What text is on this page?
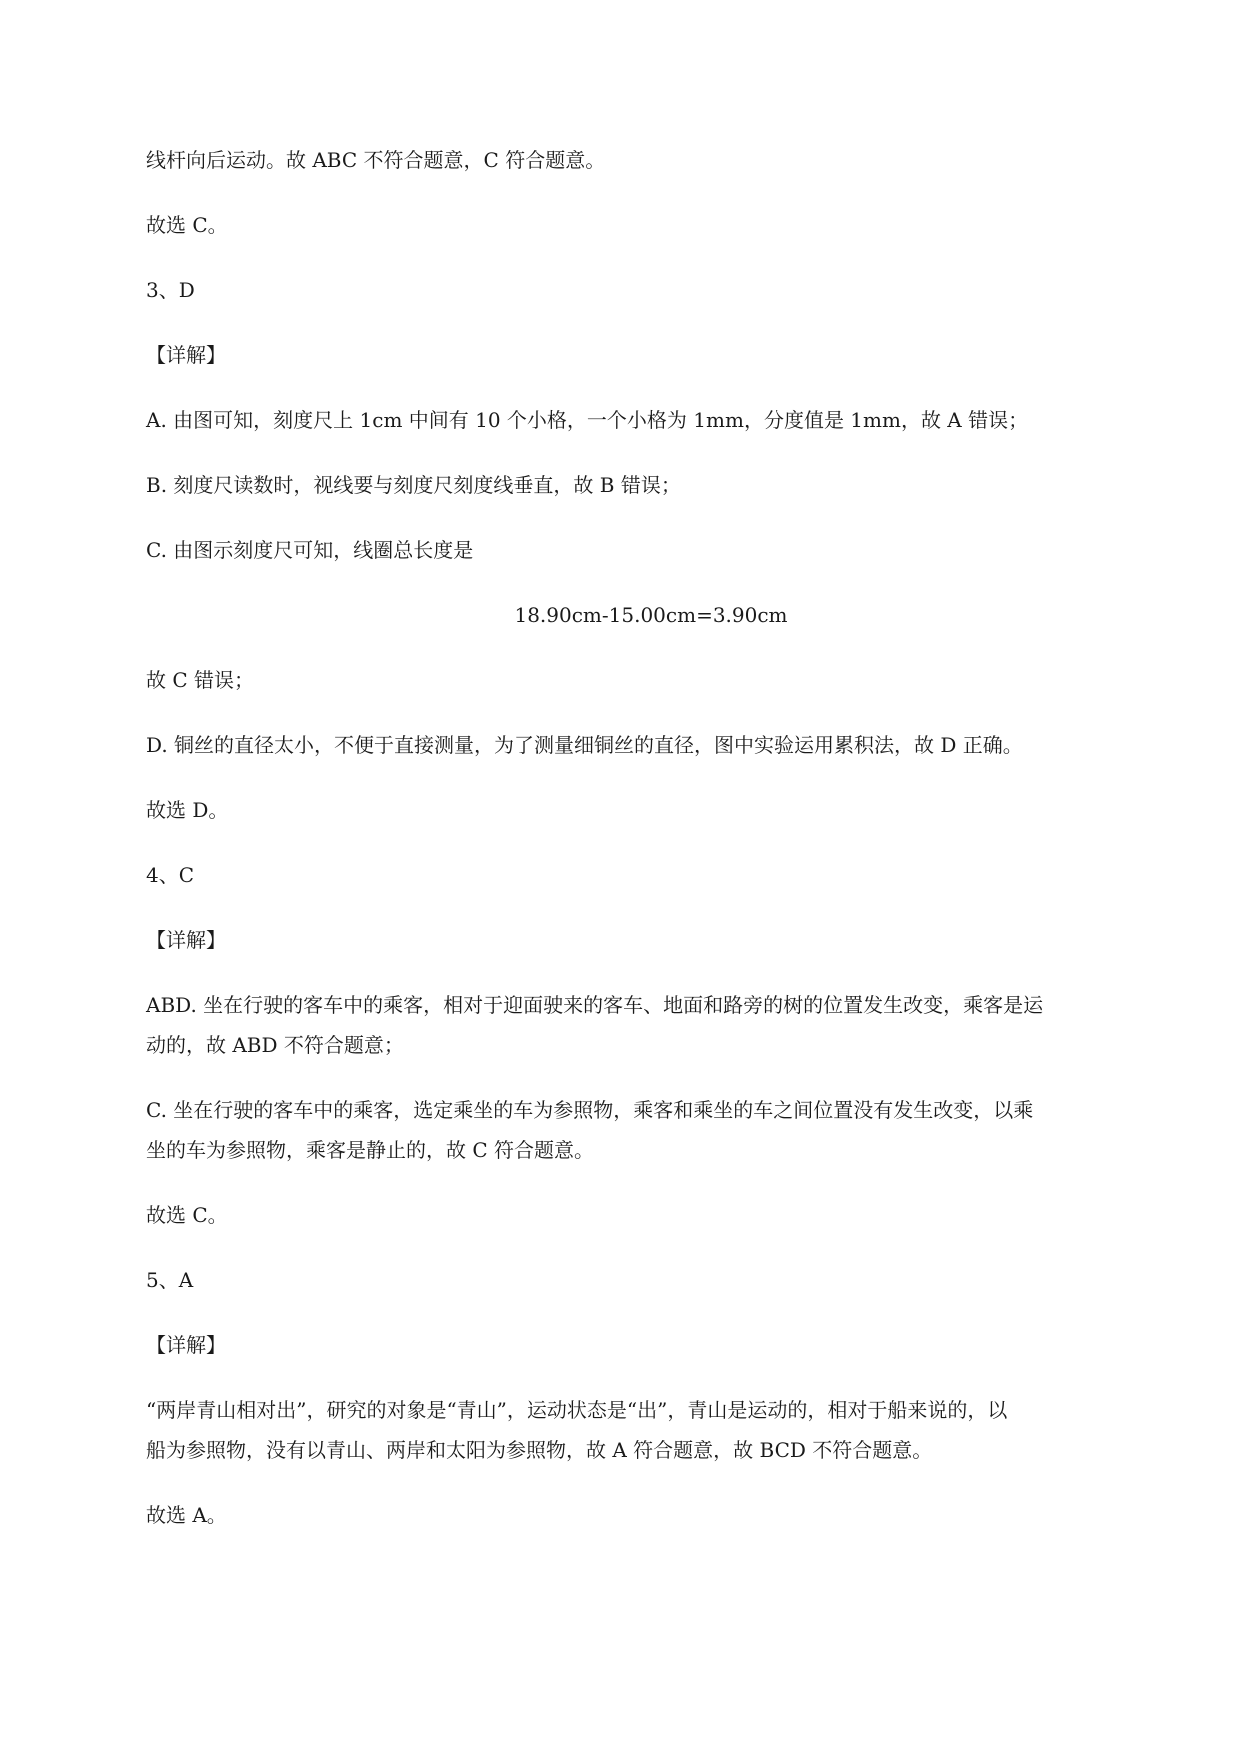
线杆向后运动。故 ABC 不符合题意，C 符合题意。

故选 C。

3、D

【详解】

A. 由图可知，刻度尺上 1cm 中间有 10 个小格，一个小格为 1mm，分度值是 1mm，故 A 错误；

B. 刻度尺读数时，视线要与刻度尺刻度线垂直，故 B 错误；

C. 由图示刻度尺可知，线圈总长度是

18.90cm-15.00cm=3.90cm

故 C 错误；

D. 铜丝的直径太小，不便于直接测量，为了测量细铜丝的直径，图中实验运用累积法，故 D 正确。

故选 D。

4、C

【详解】

ABD. 坐在行驶的客车中的乘客，相对于迎面驶来的客车、地面和路旁的树的位置发生改变，乘客是运

动的，故 ABD 不符合题意；

C. 坐在行驶的客车中的乘客，选定乘坐的车为参照物，乘客和乘坐的车之间位置没有发生改变，以乘

坐的车为参照物，乘客是静止的，故 C 符合题意。

故选 C。

5、A

【详解】

“两岸青山相对出”，研究的对象是“青山”，运动状态是“出”，青山是运动的，相对于船来说的，以

船为参照物，没有以青山、两岸和太阳为参照物，故 A 符合题意，故 BCD 不符合题意。

故选 A。
